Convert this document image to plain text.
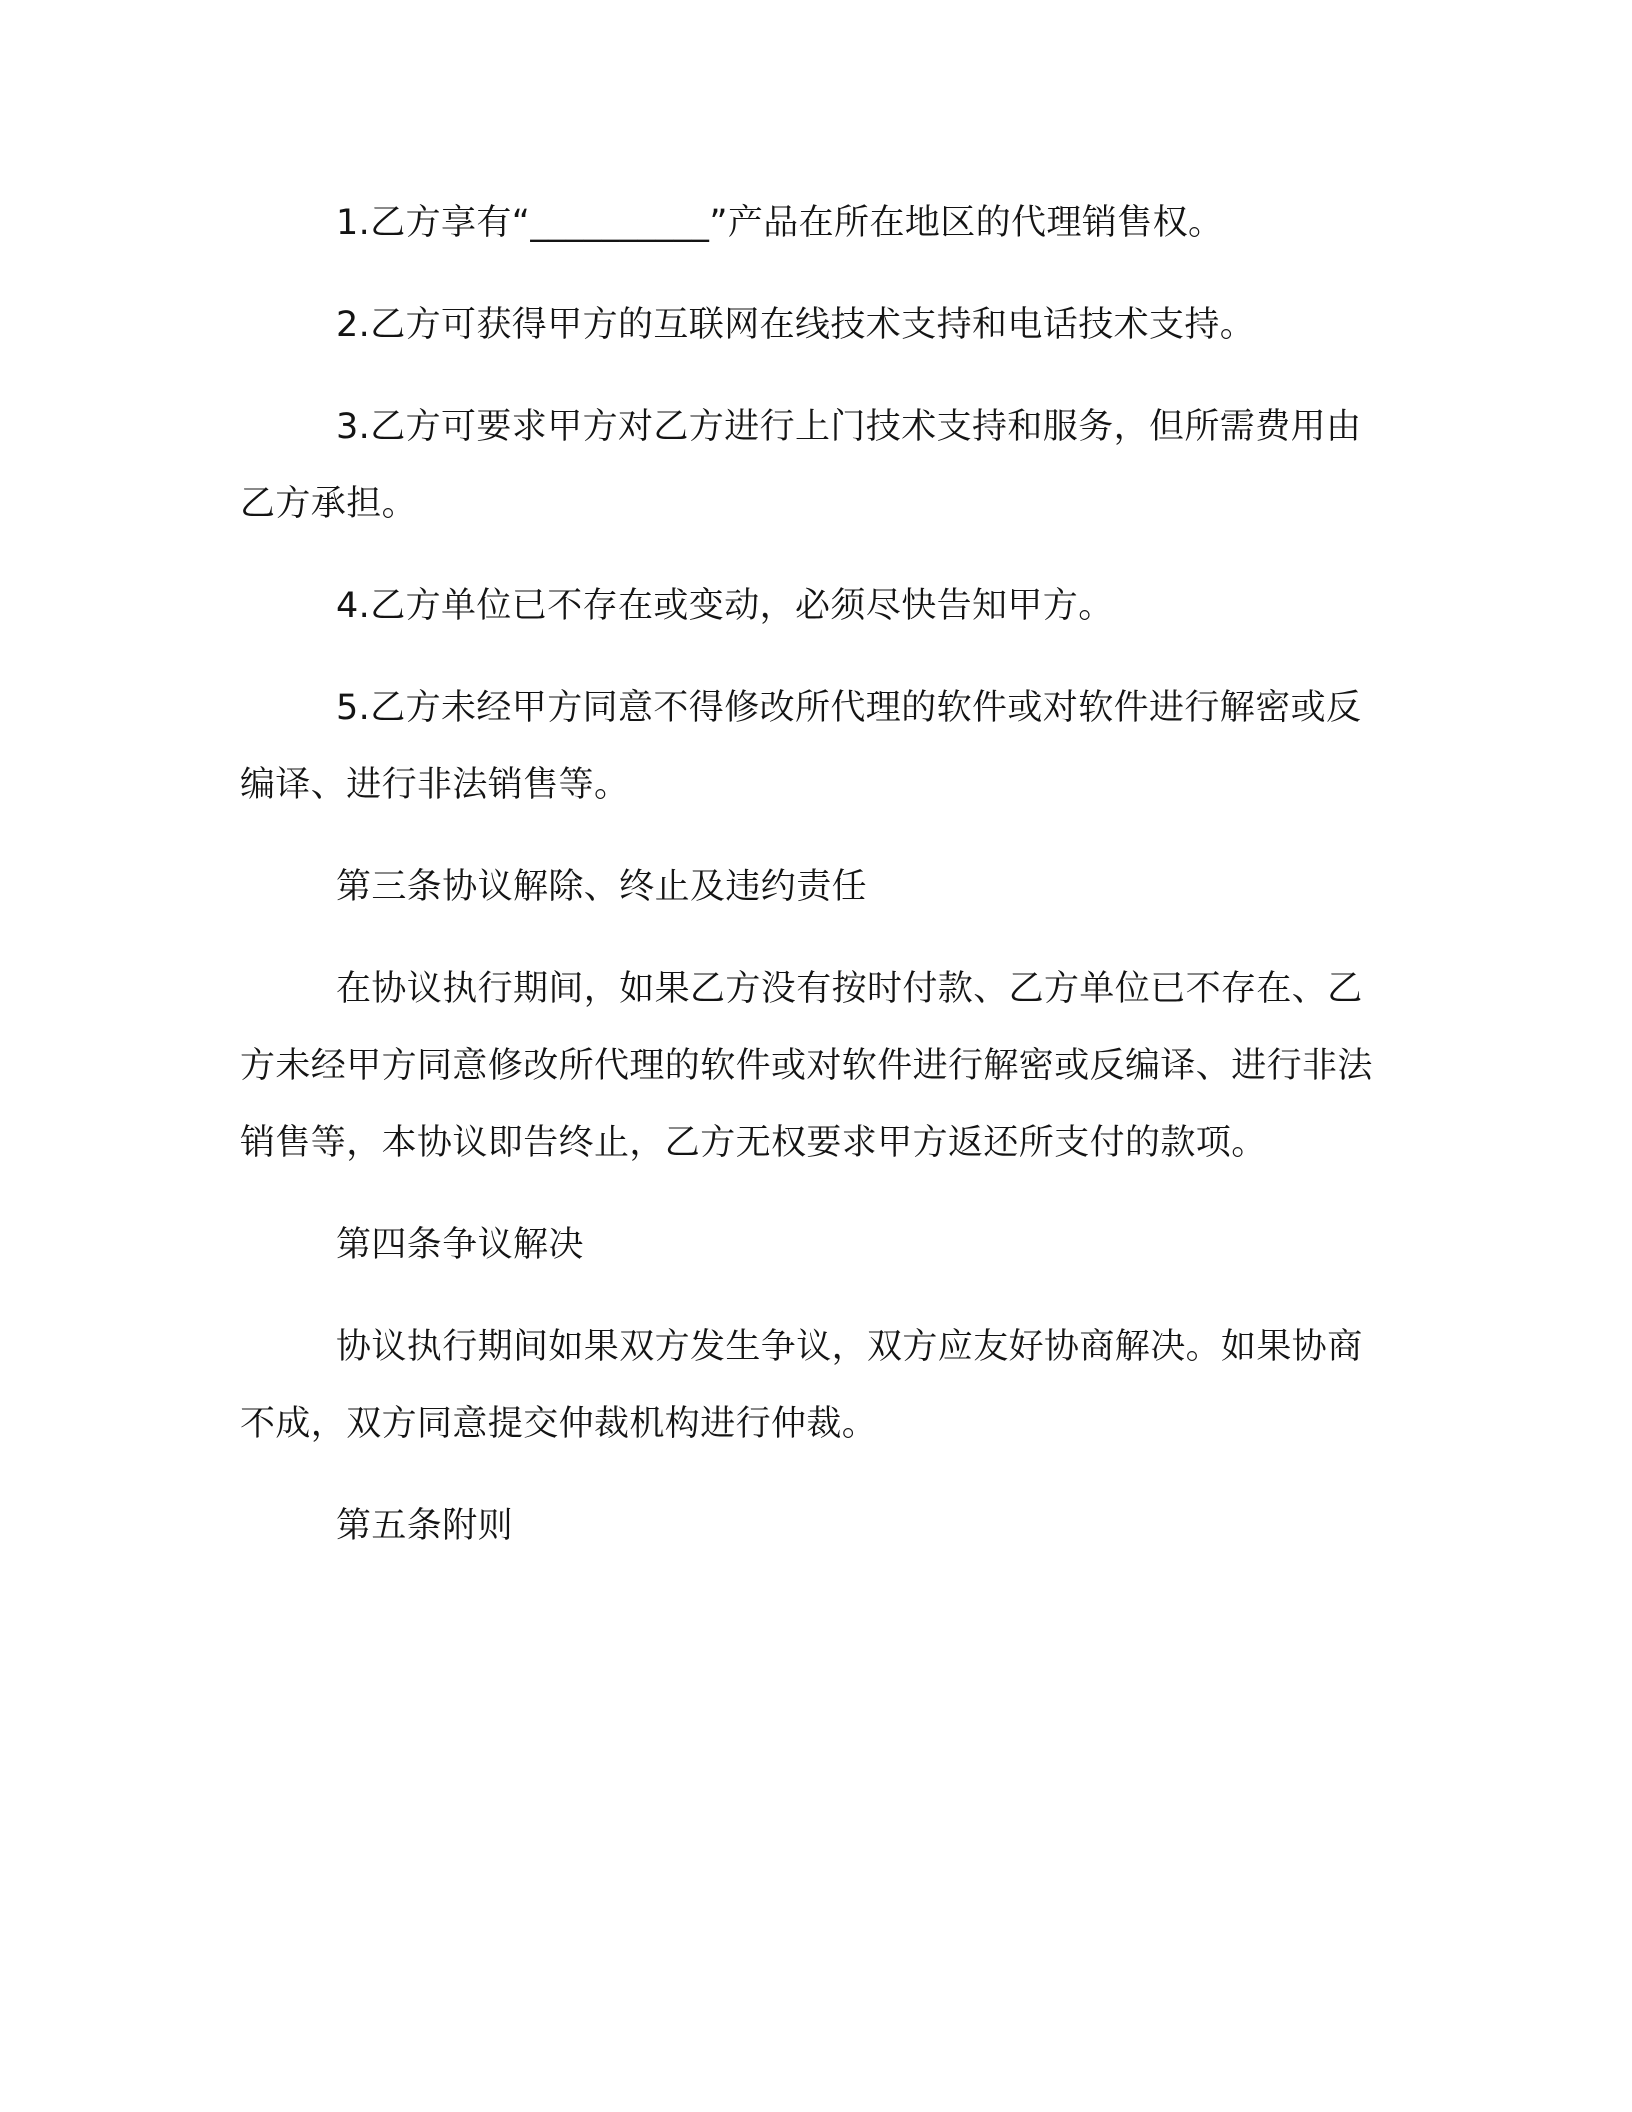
1.乙方享有“__________”产品在所在地区的代理销售权。

2.乙方可获得甲方的互联网在线技术支持和电话技术支持。

3.乙方可要求甲方对乙方进行上门技术支持和服务，但所需费用由乙方承担。

4.乙方单位已不存在或变动，必须尽快告知甲方。

5.乙方未经甲方同意不得修改所代理的软件或对软件进行解密或反编译、进行非法销售等。

第三条协议解除、终止及违约责任

在协议执行期间，如果乙方没有按时付款、乙方单位已不存在、乙方未经甲方同意修改所代理的软件或对软件进行解密或反编译、进行非法销售等，本协议即告终止，乙方无权要求甲方返还所支付的款项。

第四条争议解决

协议执行期间如果双方发生争议，双方应友好协商解决。如果协商不成，双方同意提交仲裁机构进行仲裁。

第五条附则
